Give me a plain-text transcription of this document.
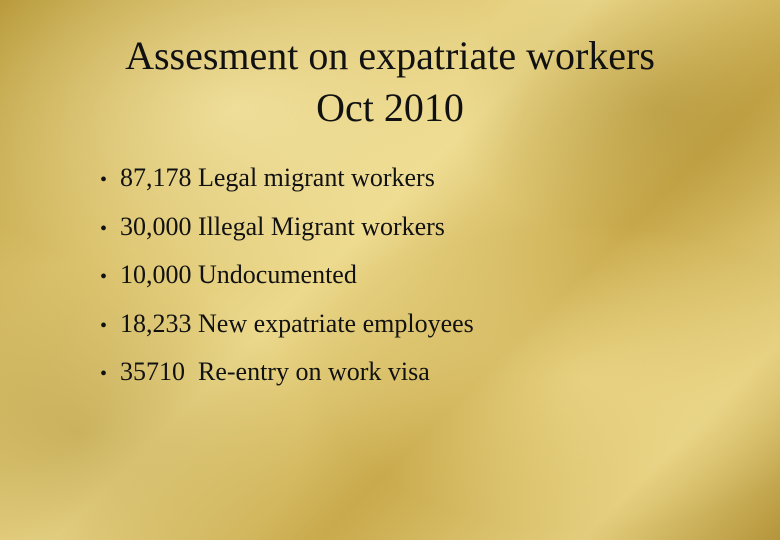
Assesment on expatriate workers
Oct 2010
• 87,178 Legal migrant workers
• 30,000 Illegal Migrant workers
• 10,000 Undocumented
• 18,233 New expatriate employees
• 35710  Re-entry on work visa
